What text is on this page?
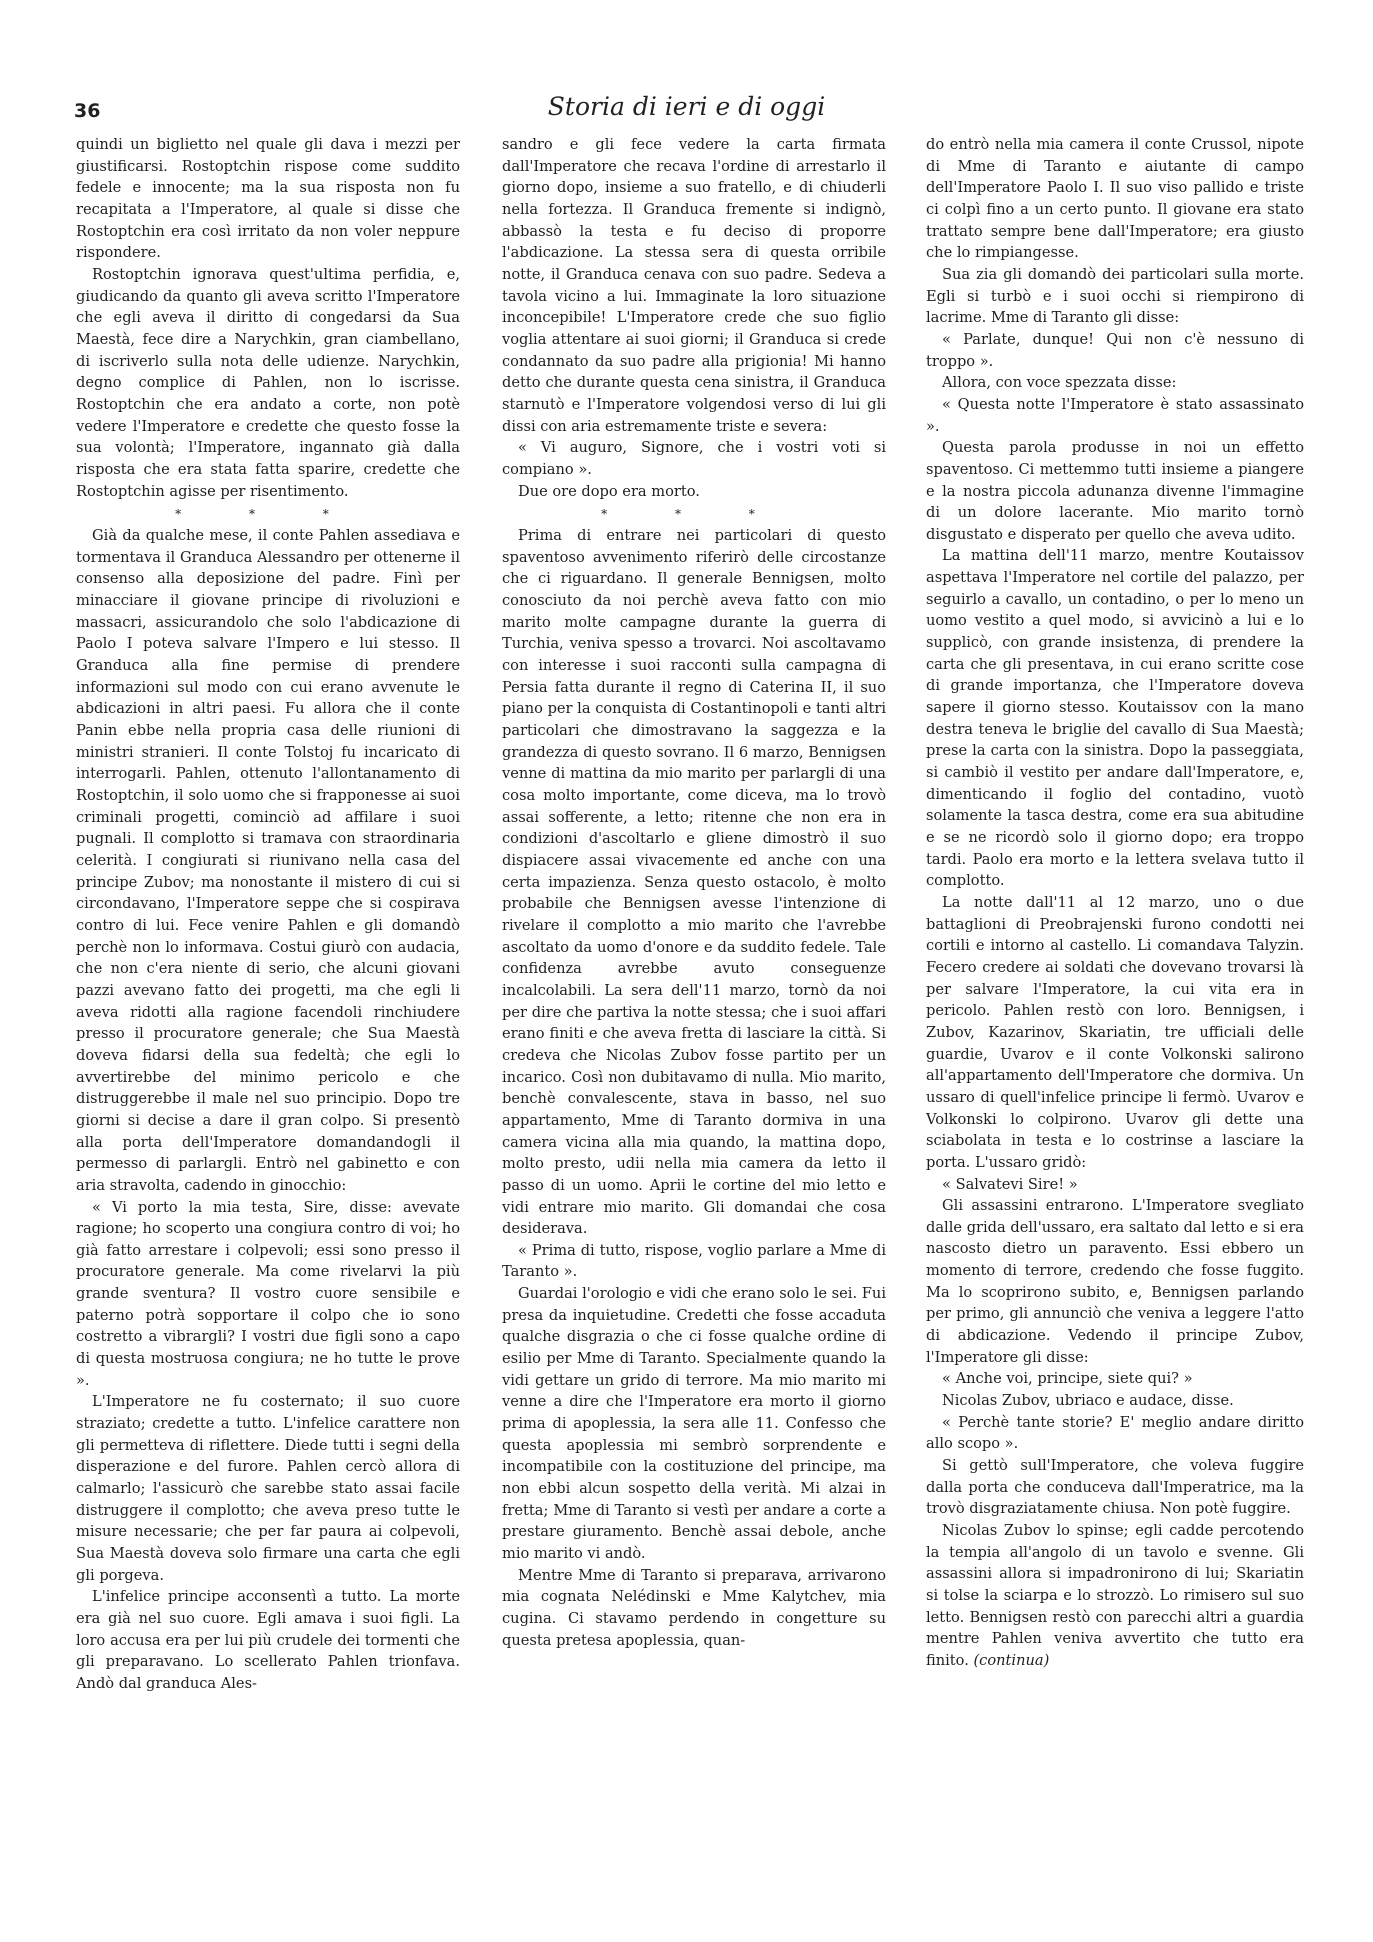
36	Storia di ieri e di oggi

quindi un biglietto nel quale gli dava i mezzi per giustificarsi. Rostoptchin rispose come suddito fedele e innocente; ma la sua risposta non fu recapitata a l'Imperatore, al quale si disse che Rostoptchin era così irritato da non voler neppure rispondere.

Rostoptchin ignorava quest'ultima perfidia, e, giudicando da quanto gli aveva scritto l'Imperatore che egli aveva il diritto di congedarsi da Sua Maestà, fece dire a Narychkin, gran ciambellano, di iscriverlo sulla nota delle udienze. Narychkin, degno complice di Pahlen, non lo iscrisse. Rostoptchin che era andato a corte, non potè vedere l'Imperatore e credette che questo fosse la sua volontà; l'Imperatore, ingannato già dalla risposta che era stata fatta sparire, credette che Rostoptchin agisse per risentimento.

* * *

Già da qualche mese, il conte Pahlen assediava e tormentava il Granduca Alessandro per ottenerne il consenso alla deposizione del padre. Finì per minacciare il giovane principe di rivoluzioni e massacri, assicurandolo che solo l'abdicazione di Paolo I poteva salvare l'Impero e lui stesso. Il Granduca alla fine permise di prendere informazioni sul modo con cui erano avvenute le abdicazioni in altri paesi. Fu allora che il conte Panin ebbe nella propria casa delle riunioni di ministri stranieri. Il conte Tolstoj fu incaricato di interrogarli. Pahlen, ottenuto l'allontanamento di Rostoptchin, il solo uomo che si frapponesse ai suoi criminali progetti, cominciò ad affilare i suoi pugnali. Il complotto si tramava con straordinaria celerità. I congiurati si riunivano nella casa del principe Zubov; ma nonostante il mistero di cui si circondavano, l'Imperatore seppe che si cospirava contro di lui. Fece venire Pahlen e gli domandò perchè non lo informava. Costui giurò con audacia, che non c'era niente di serio, che alcuni giovani pazzi avevano fatto dei progetti, ma che egli li aveva ridotti alla ragione facendoli rinchiudere presso il procuratore generale; che Sua Maestà doveva fidarsi della sua fedeltà; che egli lo avvertirebbe del minimo pericolo e che distruggerebbe il male nel suo principio. Dopo tre giorni si decise a dare il gran colpo. Si presentò alla porta dell'Imperatore domandandogli il permesso di parlargli. Entrò nel gabinetto e con aria stravolta, cadendo in ginocchio:

« Vi porto la mia testa, Sire, disse: avevate ragione; ho scoperto una congiura contro di voi; ho già fatto arrestare i colpevoli; essi sono presso il procuratore generale. Ma come rivelarvi la più grande sventura? Il vostro cuore sensibile e paterno potrà sopportare il colpo che io sono costretto a vibrargli? I vostri due figli sono a capo di questa mostruosa congiura; ne ho tutte le prove ».

L'Imperatore ne fu costernato; il suo cuore straziato; credette a tutto. L'infelice carattere non gli permetteva di riflettere. Diede tutti i segni della disperazione e del furore. Pahlen cercò allora di calmarlo; l'assicurò che sarebbe stato assai facile distruggere il complotto; che aveva preso tutte le misure necessarie; che per far paura ai colpevoli, Sua Maestà doveva solo firmare una carta che egli gli porgeva.

L'infelice principe acconsentì a tutto. La morte era già nel suo cuore. Egli amava i suoi figli. La loro accusa era per lui più crudele dei tormenti che gli preparavano. Lo scellerato Pahlen trionfava. Andò dal granduca Ales-

sandro e gli fece vedere la carta firmata dall'Imperatore che recava l'ordine di arrestarlo il giorno dopo, insieme a suo fratello, e di chiuderli nella fortezza. Il Granduca fremente si indignò, abbassò la testa e fu deciso di proporre l'abdicazione. La stessa sera di questa orribile notte, il Granduca cenava con suo padre. Sedeva a tavola vicino a lui. Immaginate la loro situazione inconcepibile! L'Imperatore crede che suo figlio voglia attentare ai suoi giorni; il Granduca si crede condannato da suo padre alla prigionia! Mi hanno detto che durante questa cena sinistra, il Granduca starnutò e l'Imperatore volgendosi verso di lui gli dissi con aria estremamente triste e severa:

« Vi auguro, Signore, che i vostri voti si compiano ».

Due ore dopo era morto.

* * *

Prima di entrare nei particolari di questo spaventoso avvenimento riferirò delle circostanze che ci riguardano. Il generale Bennigsen, molto conosciuto da noi perchè aveva fatto con mio marito molte campagne durante la guerra di Turchia, veniva spesso a trovarci. Noi ascoltavamo con interesse i suoi racconti sulla campagna di Persia fatta durante il regno di Caterina II, il suo piano per la conquista di Costantinopoli e tanti altri particolari che dimostravano la saggezza e la grandezza di questo sovrano. Il 6 marzo, Bennigsen venne di mattina da mio marito per parlargli di una cosa molto importante, come diceva, ma lo trovò assai sofferente, a letto; ritenne che non era in condizioni d'ascoltarlo e gliene dimostrò il suo dispiacere assai vivacemente ed anche con una certa impazienza. Senza questo ostacolo, è molto probabile che Bennigsen avesse l'intenzione di rivelare il complotto a mio marito che l'avrebbe ascoltato da uomo d'onore e da suddito fedele. Tale confidenza avrebbe avuto conseguenze incalcolabili. La sera dell'11 marzo, tornò da noi per dire che partiva la notte stessa; che i suoi affari erano finiti e che aveva fretta di lasciare la città. Si credeva che Nicolas Zubov fosse partito per un incarico. Così non dubitavamo di nulla. Mio marito, benchè convalescente, stava in basso, nel suo appartamento, Mme di Taranto dormiva in una camera vicina alla mia quando, la mattina dopo, molto presto, udii nella mia camera da letto il passo di un uomo. Aprii le cortine del mio letto e vidi entrare mio marito. Gli domandai che cosa desiderava.

« Prima di tutto, rispose, voglio parlare a Mme di Taranto ».

Guardai l'orologio e vidi che erano solo le sei. Fui presa da inquietudine. Credetti che fosse accaduta qualche disgrazia o che ci fosse qualche ordine di esilio per Mme di Taranto. Specialmente quando la vidi gettare un grido di terrore. Ma mio marito mi venne a dire che l'Imperatore era morto il giorno prima di apoplessia, la sera alle 11. Confesso che questa apoplessia mi sembrò sorprendente e incompatibile con la costituzione del principe, ma non ebbi alcun sospetto della verità. Mi alzai in fretta; Mme di Taranto si vestì per andare a corte a prestare giuramento. Benchè assai debole, anche mio marito vi andò.

Mentre Mme di Taranto si preparava, arrivarono mia cognata Nelédinski e Mme Kalytchev, mia cugina. Ci stavamo perdendo in congetture su questa pretesa apoplessia, quan-

do entrò nella mia camera il conte Crussol, nipote di Mme di Taranto e aiutante di campo dell'Imperatore Paolo I. Il suo viso pallido e triste ci colpì fino a un certo punto. Il giovane era stato trattato sempre bene dall'Imperatore; era giusto che lo rimpiangesse.

Sua zia gli domandò dei particolari sulla morte. Egli si turbò e i suoi occhi si riempirono di lacrime. Mme di Taranto gli disse:

« Parlate, dunque! Qui non c'è nessuno di troppo ».

Allora, con voce spezzata disse:

« Questa notte l'Imperatore è stato assassinato ».

Questa parola produsse in noi un effetto spaventoso. Ci mettemmo tutti insieme a piangere e la nostra piccola adunanza divenne l'immagine di un dolore lacerante. Mio marito tornò disgustato e disperato per quello che aveva udito.

La mattina dell'11 marzo, mentre Koutaissov aspettava l'Imperatore nel cortile del palazzo, per seguirlo a cavallo, un contadino, o per lo meno un uomo vestito a quel modo, si avvicinò a lui e lo supplicò, con grande insistenza, di prendere la carta che gli presentava, in cui erano scritte cose di grande importanza, che l'Imperatore doveva sapere il giorno stesso. Koutaissov con la mano destra teneva le briglie del cavallo di Sua Maestà; prese la carta con la sinistra. Dopo la passeggiata, si cambiò il vestito per andare dall'Imperatore, e, dimenticando il foglio del contadino, vuotò solamente la tasca destra, come era sua abitudine e se ne ricordò solo il giorno dopo; era troppo tardi. Paolo era morto e la lettera svelava tutto il complotto.

La notte dall'11 al 12 marzo, uno o due battaglioni di Preobrajenski furono condotti nei cortili e intorno al castello. Li comandava Talyzin. Fecero credere ai soldati che dovevano trovarsi là per salvare l'Imperatore, la cui vita era in pericolo. Pahlen restò con loro. Bennigsen, i Zubov, Kazarinov, Skariatin, tre ufficiali delle guardie, Uvarov e il conte Volkonski salirono all'appartamento dell'Imperatore che dormiva. Un ussaro di quell'infelice principe li fermò. Uvarov e Volkonski lo colpirono. Uvarov gli dette una sciabolata in testa e lo costrinse a lasciare la porta. L'ussaro gridò:

« Salvatevi Sire! »

Gli assassini entrarono. L'Imperatore svegliato dalle grida dell'ussaro, era saltato dal letto e si era nascosto dietro un paravento. Essi ebbero un momento di terrore, credendo che fosse fuggito. Ma lo scoprirono subito, e, Bennigsen parlando per primo, gli annunciò che veniva a leggere l'atto di abdicazione. Vedendo il principe Zubov, l'Imperatore gli disse:

« Anche voi, principe, siete qui? »

Nicolas Zubov, ubriaco e audace, disse.

« Perchè tante storie? E' meglio andare diritto allo scopo ».

Si gettò sull'Imperatore, che voleva fuggire dalla porta che conduceva dall'Imperatrice, ma la trovò disgraziatamente chiusa. Non potè fuggire.

Nicolas Zubov lo spinse; egli cadde percotendo la tempia all'angolo di un tavolo e svenne. Gli assassini allora si impadronirono di lui; Skariatin si tolse la sciarpa e lo strozzò. Lo rimisero sul suo letto. Bennigsen restò con parecchi altri a guardia mentre Pahlen veniva avvertito che tutto era finito. (continua)
